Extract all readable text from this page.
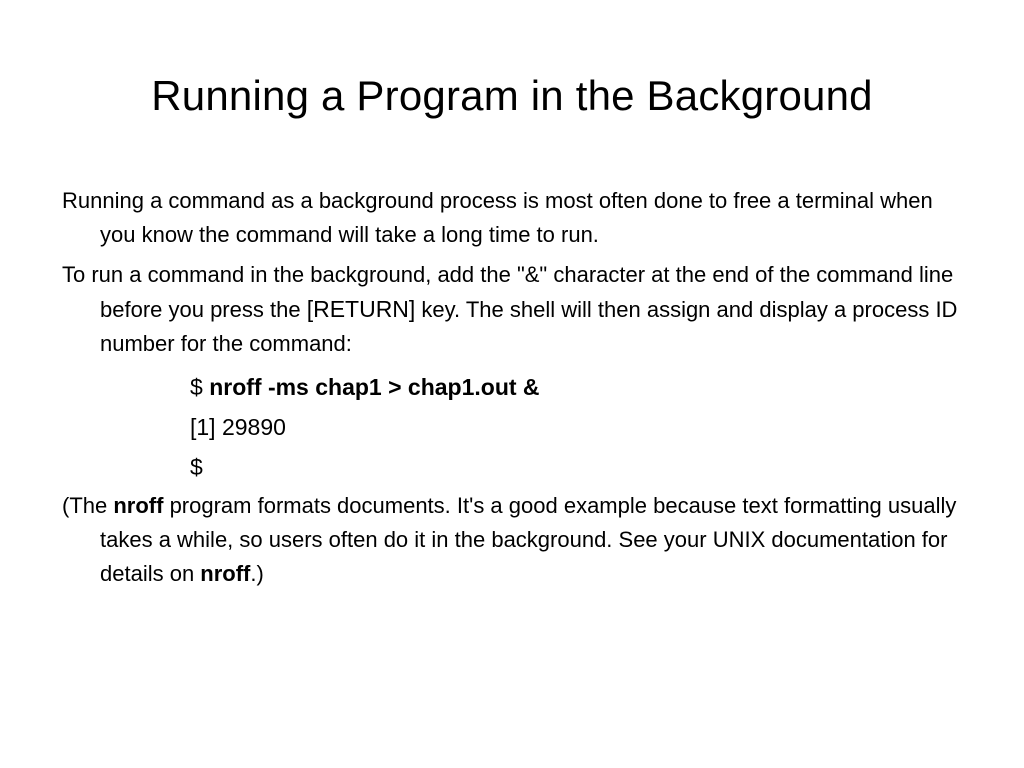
Running a Program in the Background

Running a command as a background process is most often done to free a terminal when you know the command will take a long time to run.

To run a command in the background, add the "&" character at the end of the command line before you press the [RETURN] key. The shell will then assign and display a process ID number for the command:

$ nroff -ms chap1 > chap1.out &
[1] 29890
$

(The nroff program formats documents. It's a good example because text formatting usually takes a while, so users often do it in the background. See your UNIX documentation for details on nroff.)
